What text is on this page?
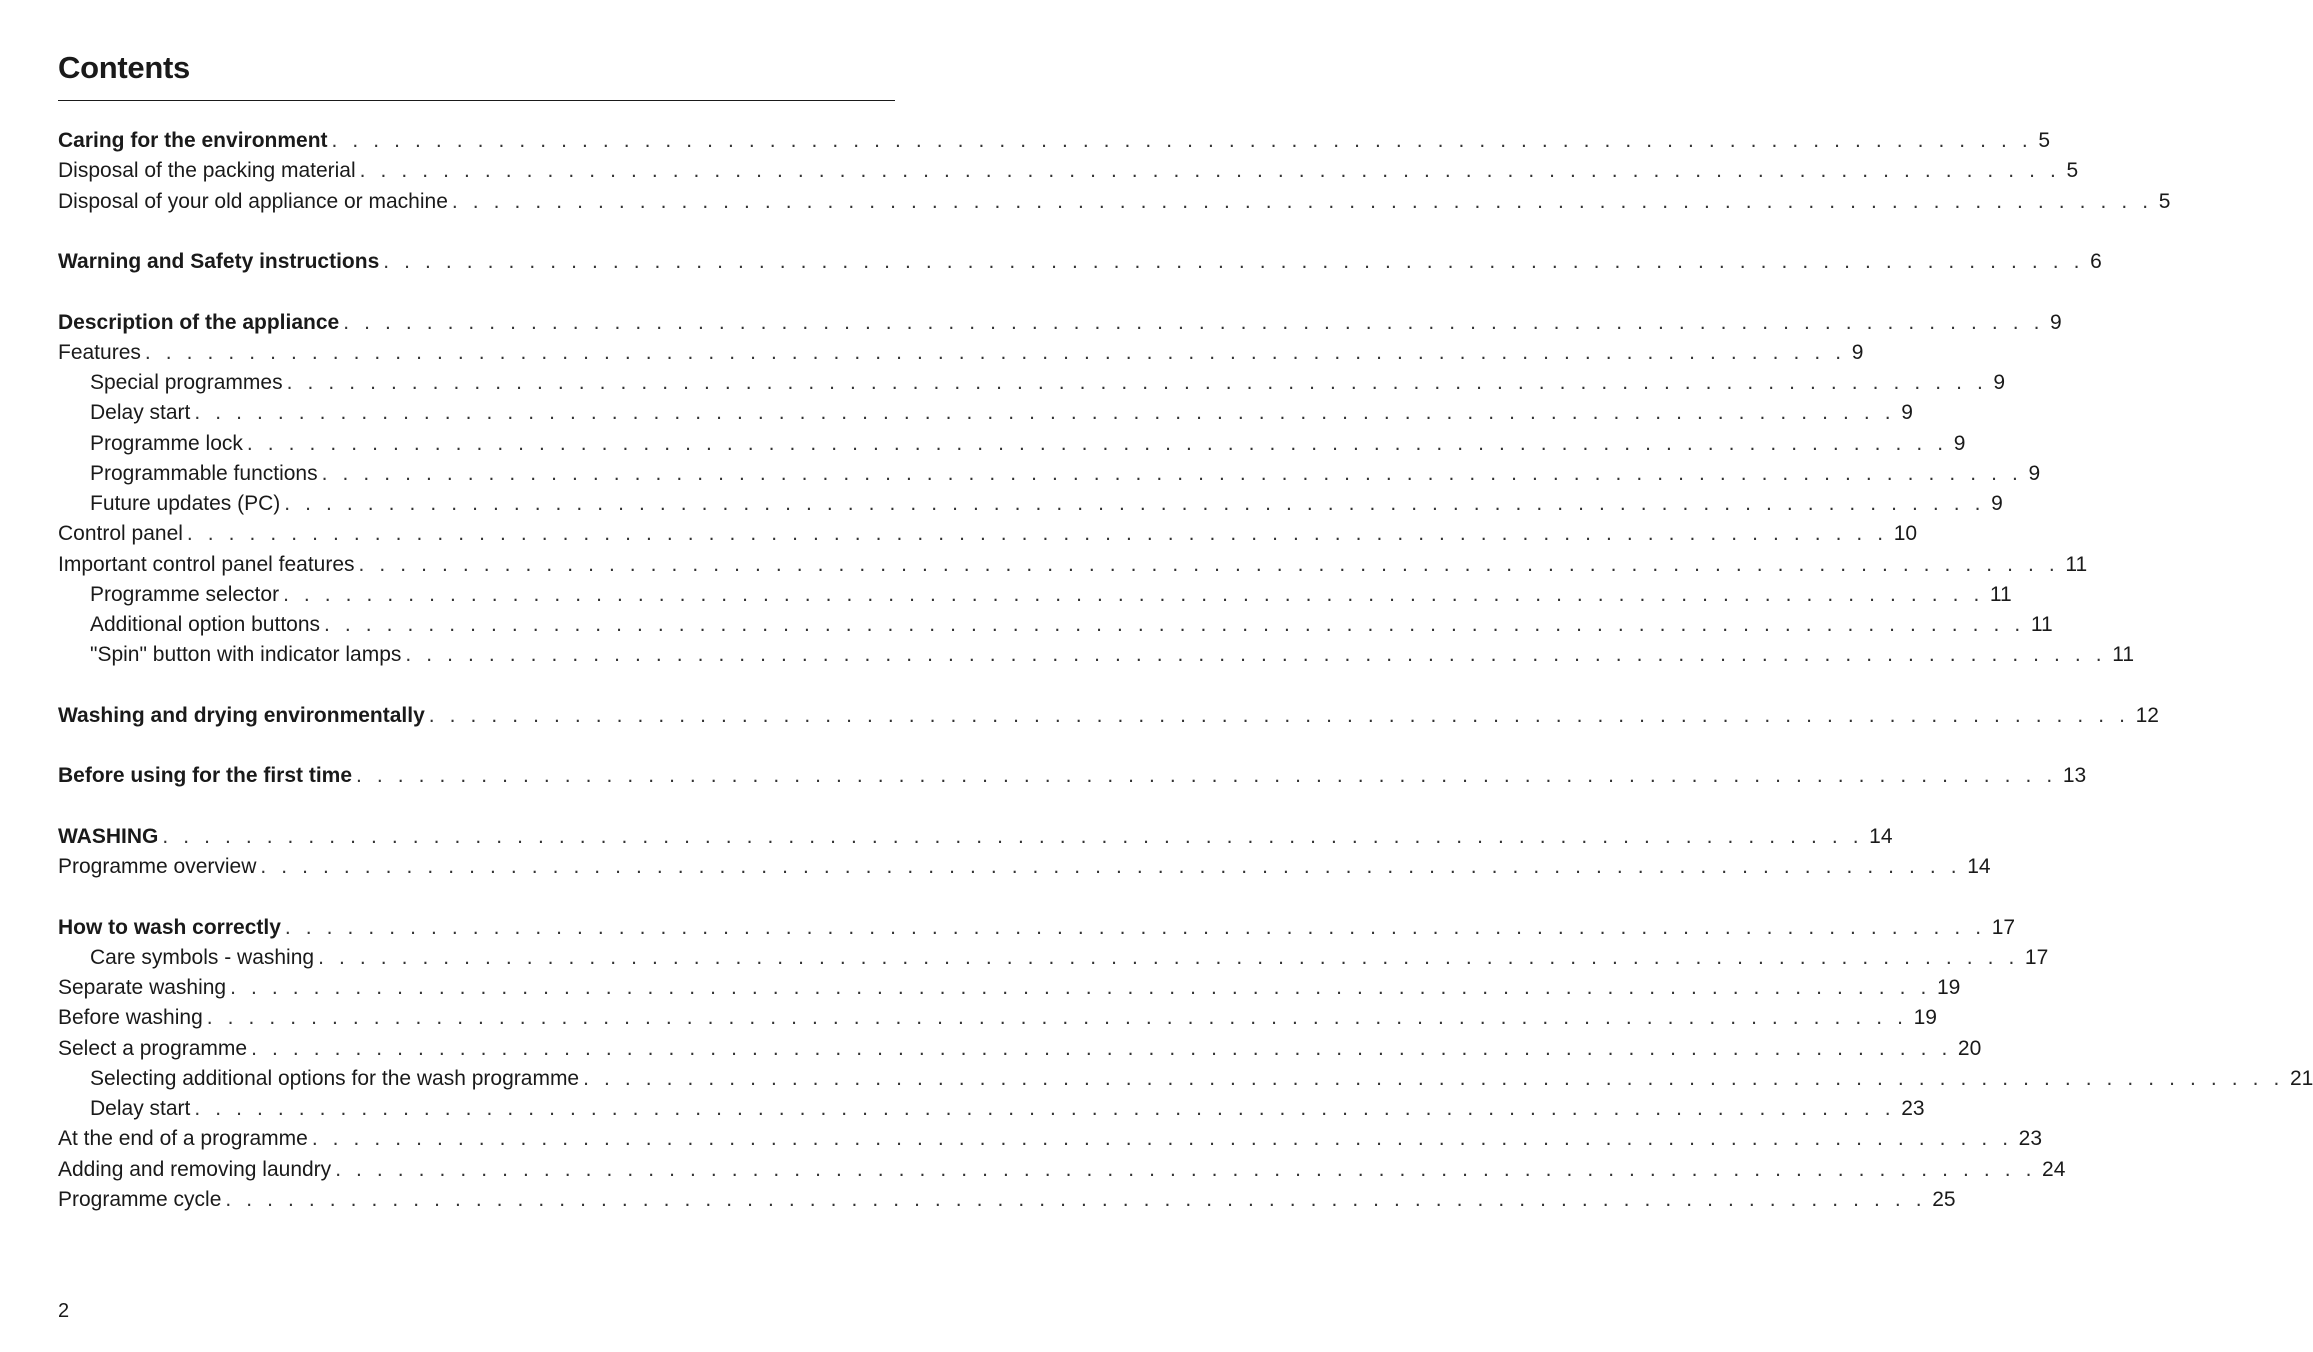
Contents
Caring for the environment . . . . . . . . . . . . . . . . . . . . . . . . . . . . . . . . . . . . . . . . . . . . . . . . . . . . . . . . . . . . . . . . . . . . . . . . . . . . . . . . . . 5
Disposal of the packing material . . . . . . . . . . . . . . . . . . . . . . . . . . . . . . . . . . . . . . . . . . . . . . . . . . . . . . . . . . . . . . . . . . . . . . . . . . . . . . . . . . 5
Disposal of your old appliance or machine . . . . . . . . . . . . . . . . . . . . . . . . . . . . . . . . . . . . . . . . . . . . . . . . . . . . . . . . . . . . . . . . . . . . . . . . . . . . . . . . . . 5
Warning and Safety instructions . . . . . . . . . . . . . . . . . . . . . . . . . . . . . . . . . . . . . . . . . . . . . . . . . . . . . . . . . . . . . . . . . . . . . . . . . . . . . . . . . . 6
Description of the appliance . . . . . . . . . . . . . . . . . . . . . . . . . . . . . . . . . . . . . . . . . . . . . . . . . . . . . . . . . . . . . . . . . . . . . . . . . . . . . . . . . . 9
Features . . . . . . . . . . . . . . . . . . . . . . . . . . . . . . . . . . . . . . . . . . . . . . . . . . . . . . . . . . . . . . . . . . . . . . . . . . . . . . . . . . 9
Special programmes . . . . . . . . . . . . . . . . . . . . . . . . . . . . . . . . . . . . . . . . . . . . . . . . . . . . . . . . . . . . . . . . . . . . . . . . . . . . . . . . . . 9
Delay start . . . . . . . . . . . . . . . . . . . . . . . . . . . . . . . . . . . . . . . . . . . . . . . . . . . . . . . . . . . . . . . . . . . . . . . . . . . . . . . . . . 9
Programme lock . . . . . . . . . . . . . . . . . . . . . . . . . . . . . . . . . . . . . . . . . . . . . . . . . . . . . . . . . . . . . . . . . . . . . . . . . . . . . . . . . . 9
Programmable functions . . . . . . . . . . . . . . . . . . . . . . . . . . . . . . . . . . . . . . . . . . . . . . . . . . . . . . . . . . . . . . . . . . . . . . . . . . . . . . . . . . 9
Future updates (PC) . . . . . . . . . . . . . . . . . . . . . . . . . . . . . . . . . . . . . . . . . . . . . . . . . . . . . . . . . . . . . . . . . . . . . . . . . . . . . . . . . . 9
Control panel . . . . . . . . . . . . . . . . . . . . . . . . . . . . . . . . . . . . . . . . . . . . . . . . . . . . . . . . . . . . . . . . . . . . . . . . . . . . . . . . . . 10
Important control panel features . . . . . . . . . . . . . . . . . . . . . . . . . . . . . . . . . . . . . . . . . . . . . . . . . . . . . . . . . . . . . . . . . . . . . . . . . . . . . . . . . . 11
Programme selector . . . . . . . . . . . . . . . . . . . . . . . . . . . . . . . . . . . . . . . . . . . . . . . . . . . . . . . . . . . . . . . . . . . . . . . . . . . . . . . . . . 11
Additional option buttons . . . . . . . . . . . . . . . . . . . . . . . . . . . . . . . . . . . . . . . . . . . . . . . . . . . . . . . . . . . . . . . . . . . . . . . . . . . . . . . . . . 11
"Spin" button with indicator lamps . . . . . . . . . . . . . . . . . . . . . . . . . . . . . . . . . . . . . . . . . . . . . . . . . . . . . . . . . . . . . . . . . . . . . . . . . . . . . . . . . . 11
Washing and drying environmentally . . . . . . . . . . . . . . . . . . . . . . . . . . . . . . . . . . . . . . . . . . . . . . . . . . . . . . . . . . . . . . . . . . . . . . . . . . . . . . . . . . 12
Before using for the first time . . . . . . . . . . . . . . . . . . . . . . . . . . . . . . . . . . . . . . . . . . . . . . . . . . . . . . . . . . . . . . . . . . . . . . . . . . . . . . . . . . 13
WASHING . . . . . . . . . . . . . . . . . . . . . . . . . . . . . . . . . . . . . . . . . . . . . . . . . . . . . . . . . . . . . . . . . . . . . . . . . . . . . . . . . . 14
Programme overview . . . . . . . . . . . . . . . . . . . . . . . . . . . . . . . . . . . . . . . . . . . . . . . . . . . . . . . . . . . . . . . . . . . . . . . . . . . . . . . . . . 14
How to wash correctly . . . . . . . . . . . . . . . . . . . . . . . . . . . . . . . . . . . . . . . . . . . . . . . . . . . . . . . . . . . . . . . . . . . . . . . . . . . . . . . . . . 17
Care symbols - washing . . . . . . . . . . . . . . . . . . . . . . . . . . . . . . . . . . . . . . . . . . . . . . . . . . . . . . . . . . . . . . . . . . . . . . . . . . . . . . . . . . 17
Separate washing . . . . . . . . . . . . . . . . . . . . . . . . . . . . . . . . . . . . . . . . . . . . . . . . . . . . . . . . . . . . . . . . . . . . . . . . . . . . . . . . . . 19
Before washing . . . . . . . . . . . . . . . . . . . . . . . . . . . . . . . . . . . . . . . . . . . . . . . . . . . . . . . . . . . . . . . . . . . . . . . . . . . . . . . . . . 19
Select a programme . . . . . . . . . . . . . . . . . . . . . . . . . . . . . . . . . . . . . . . . . . . . . . . . . . . . . . . . . . . . . . . . . . . . . . . . . . . . . . . . . . 20
Selecting additional options for the wash programme . . . . . . . . . . . . . . . . . . . . . . . . . . . . . . . . . . . . . . . . . . . . . . . . . . . . . . . . . . . . . . . . . . . . . . . . . . . . . . . . . . 21
Delay start . . . . . . . . . . . . . . . . . . . . . . . . . . . . . . . . . . . . . . . . . . . . . . . . . . . . . . . . . . . . . . . . . . . . . . . . . . . . . . . . . . 23
At the end of a programme . . . . . . . . . . . . . . . . . . . . . . . . . . . . . . . . . . . . . . . . . . . . . . . . . . . . . . . . . . . . . . . . . . . . . . . . . . . . . . . . . . 23
Adding and removing laundry . . . . . . . . . . . . . . . . . . . . . . . . . . . . . . . . . . . . . . . . . . . . . . . . . . . . . . . . . . . . . . . . . . . . . . . . . . . . . . . . . . 24
Programme cycle . . . . . . . . . . . . . . . . . . . . . . . . . . . . . . . . . . . . . . . . . . . . . . . . . . . . . . . . . . . . . . . . . . . . . . . . . . . . . . . . . . 25
2
